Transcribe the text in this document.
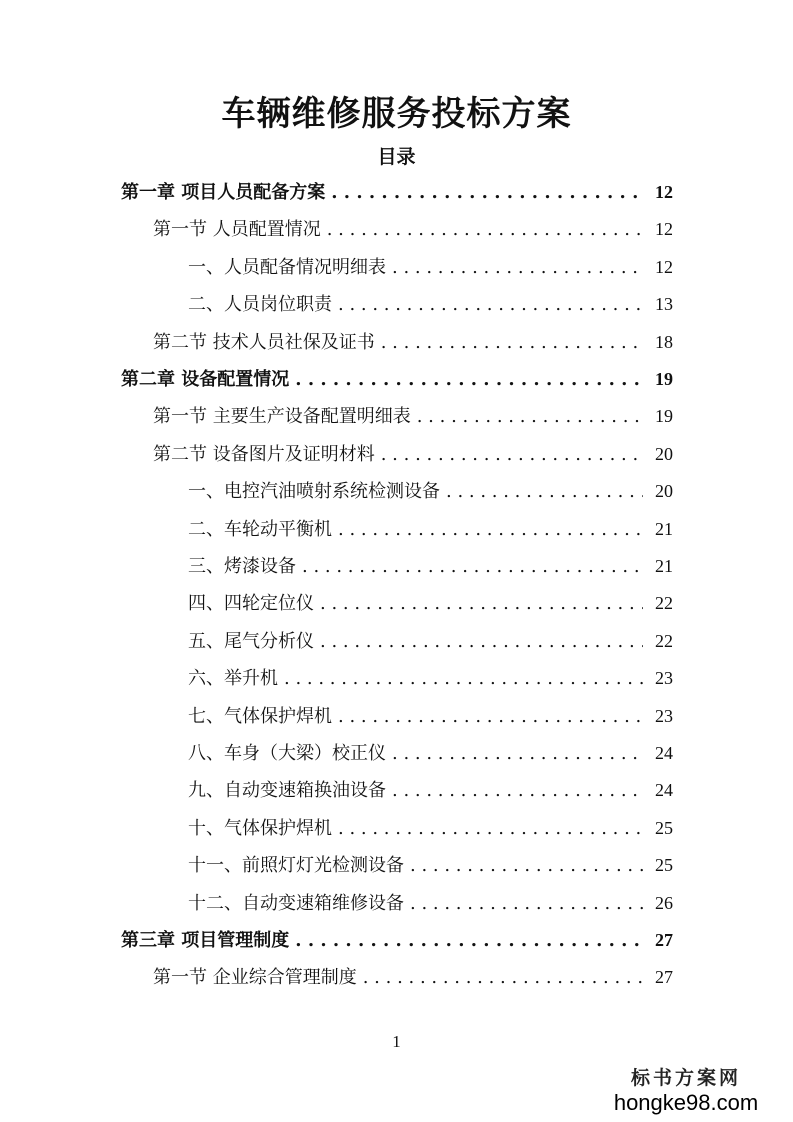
车辆维修服务投标方案
目录
第一章 项目人员配备方案 . . .	12
第一节 人员配置情况 . . .	12
一、人员配备情况明细表 . . .	12
二、人员岗位职责 . . .	13
第二节 技术人员社保及证书 . . .	18
第二章 设备配置情况 . . .	19
第一节 主要生产设备配置明细表 . . .	19
第二节 设备图片及证明材料 . . .	20
一、电控汽油喷射系统检测设备 . . .	20
二、车轮动平衡机 . . .	21
三、烤漆设备 . . .	21
四、四轮定位仪 . . .	22
五、尾气分析仪 . . .	22
六、举升机 . . .	23
七、气体保护焊机 . . .	23
八、车身（大梁）校正仪 . . .	24
九、自动变速箱换油设备 . . .	24
十、气体保护焊机 . . .	25
十一、前照灯灯光检测设备 . . .	25
十二、自动变速箱维修设备 . . .	26
第三章 项目管理制度 . . .	27
第一节 企业综合管理制度 . . .	27
1
标书方案网
hongke98.com
